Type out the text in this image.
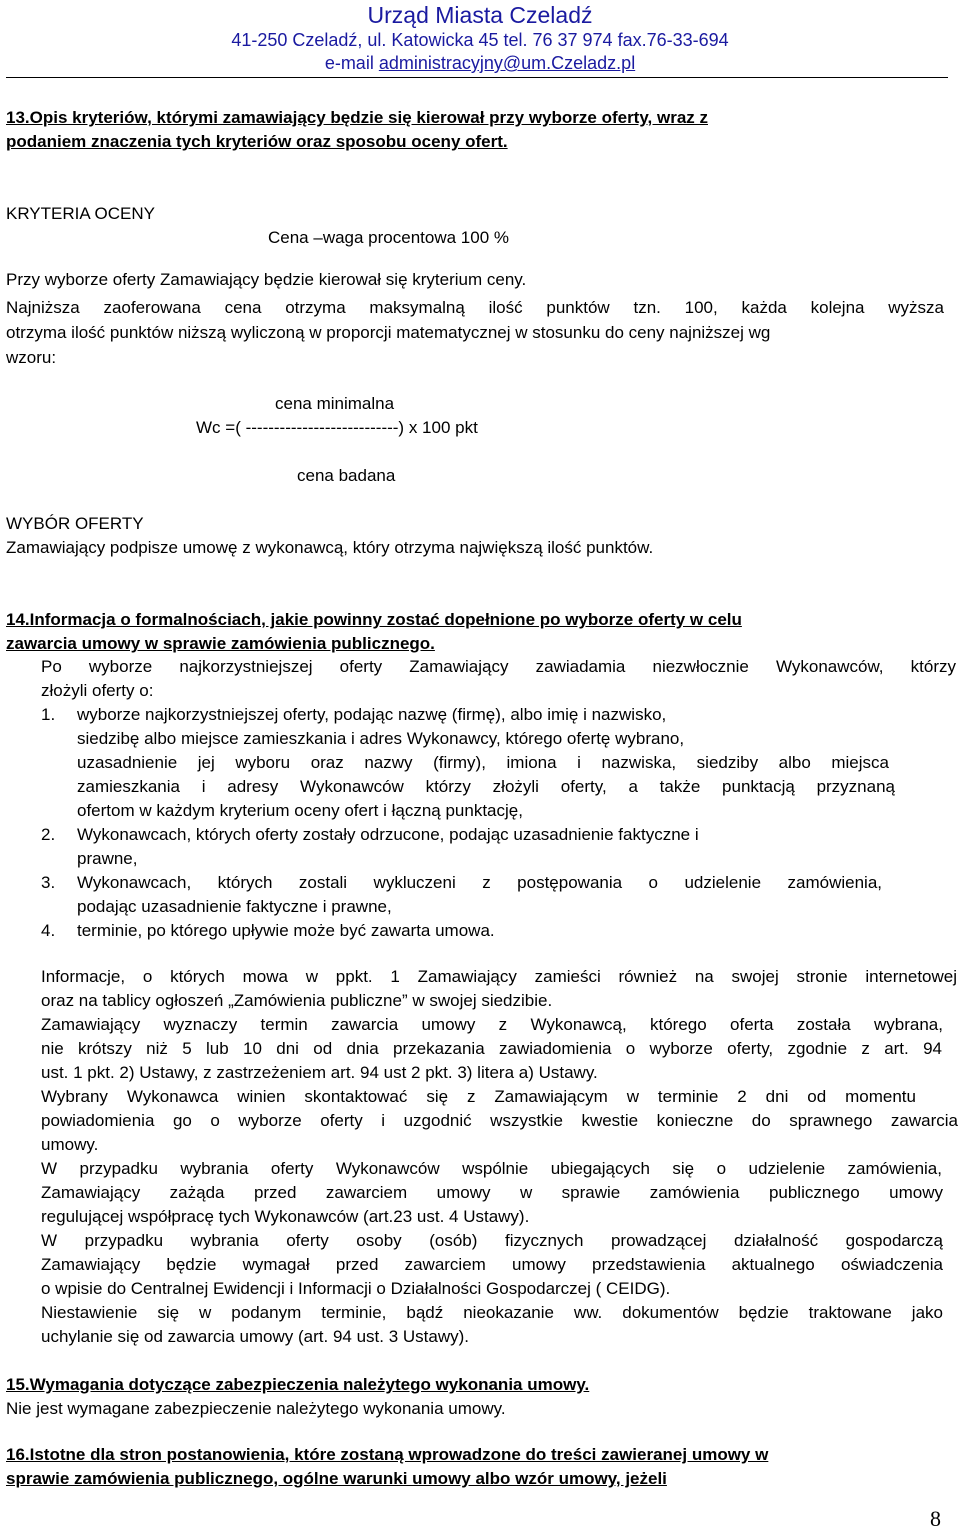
Urząd Miasta Czeladź
41-250 Czeladź, ul. Katowicka 45 tel. 76 37 974 fax.76-33-694
e-mail administracyjny@um.Czeladz.pl
13.Opis kryteriów, którymi zamawiający będzie się kierował przy wyborze oferty, wraz z
podaniem znaczenia tych kryteriów oraz sposobu oceny ofert.
KRYTERIA OCENY
Cena –waga procentowa 100 %
Przy wyborze oferty Zamawiający będzie kierował się kryterium ceny.
Najniższa zaoferowana cena otrzyma maksymalną ilość punktów tzn. 100, każda kolejna wyższa
otrzyma ilość punktów niższą wyliczoną w proporcji matematycznej w stosunku do ceny najniższej wg
wzoru:
cena minimalna
Wc =( ---------------------------) x 100 pkt
cena badana
WYBÓR OFERTY
Zamawiający podpisze umowę z wykonawcą, który otrzyma największą ilość punktów.
14.Informacja o formalnościach, jakie powinny zostać dopełnione po wyborze oferty w celu
zawarcia umowy w sprawie zamówienia publicznego.
Po wyborze najkorzystniejszej oferty Zamawiający zawiadamia niezwłocznie Wykonawców, którzy
złożyli oferty o:
1. wyborze najkorzystniejszej oferty, podając nazwę (firmę), albo imię i nazwisko,
siedzibę albo miejsce zamieszkania i adres Wykonawcy, którego ofertę wybrano,
uzasadnienie jej wyboru oraz nazwy (firmy), imiona i nazwiska, siedziby albo miejsca
zamieszkania i adresy Wykonawców którzy złożyli oferty, a także punktacją przyznaną
ofertom w każdym kryterium oceny ofert i łączną punktację,
2. Wykonawcach, których oferty zostały odrzucone, podając uzasadnienie faktyczne i
prawne,
3. Wykonawcach, których zostali wykluczeni z postępowania o udzielenie zamówienia,
podając uzasadnienie faktyczne i prawne,
4. terminie, po którego upływie może być zawarta umowa.
Informacje, o których mowa w ppkt. 1 Zamawiający zamieści również na swojej stronie internetowej
oraz na tablicy ogłoszeń „Zamówienia publiczne” w swojej siedzibie.
Zamawiający wyznaczy termin zawarcia umowy z Wykonawcą, którego oferta została wybrana,
nie krótszy niż 5 lub 10 dni od dnia przekazania zawiadomienia o wyborze oferty, zgodnie z art. 94
ust. 1 pkt. 2) Ustawy, z zastrzeżeniem art. 94 ust 2 pkt. 3) litera a) Ustawy.
Wybrany Wykonawca winien skontaktować się z Zamawiającym w terminie 2 dni od momentu
powiadomienia go o wyborze oferty i uzgodnić wszystkie kwestie konieczne do sprawnego zawarcia
umowy.
W przypadku wybrania oferty Wykonawców wspólnie ubiegających się o udzielenie zamówienia,
Zamawiający zażąda przed zawarciem umowy w sprawie zamówienia publicznego umowy
regulującej współpracę tych Wykonawców (art.23 ust. 4 Ustawy).
W przypadku wybrania oferty osoby (osób) fizycznych prowadzącej działalność gospodarczą
Zamawiający będzie wymagał przed zawarciem umowy przedstawienia aktualnego oświadczenia
o wpisie do Centralnej Ewidencji i Informacji o Działalności Gospodarczej ( CEIDG).
Niestawienie się w podanym terminie, bądź nieokazanie ww. dokumentów będzie traktowane jako
uchylanie się od zawarcia umowy (art. 94 ust. 3 Ustawy).
15.Wymagania dotyczące zabezpieczenia należytego wykonania umowy.
Nie jest wymagane zabezpieczenie należytego wykonania umowy.
16.Istotne dla stron postanowienia, które zostaną wprowadzone do treści zawieranej umowy w
sprawie zamówienia publicznego, ogólne warunki umowy albo wzór umowy, jeżeli
8
